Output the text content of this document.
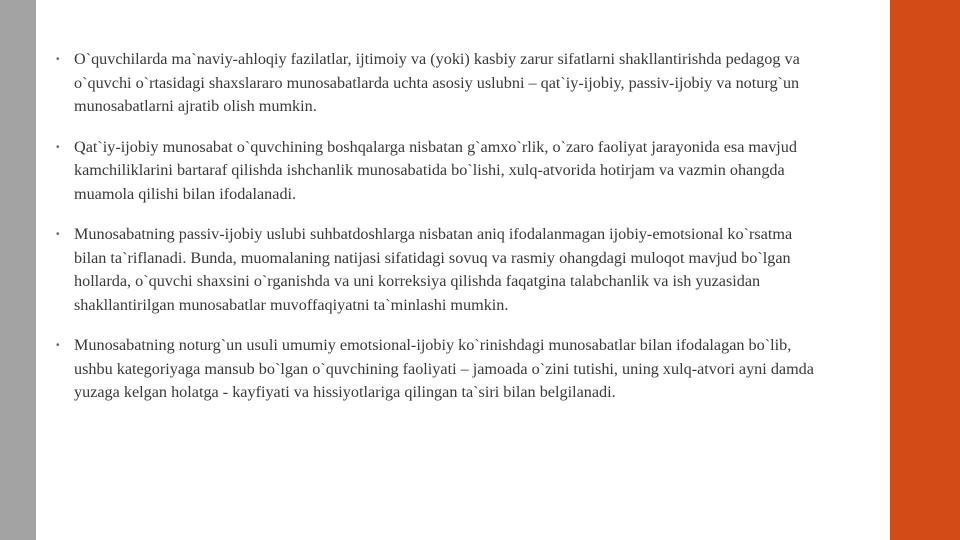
• O`quvchilarda ma`naviy-ahloqiy fazilatlar, ijtimoiy va (yoki) kasbiy zarur sifatlarni shakllantirishda pedagog va o`quvchi o`rtasidagi shaxslararo munosabatlarda uchta asosiy uslubni – qat`iy-ijobiy, passiv-ijobiy va noturg`un munosabatlarni ajratib olish mumkin.
• Qat`iy-ijobiy munosabat o`quvchining boshqalarga nisbatan g`amxo`rlik, o`zaro faoliyat jarayonida esa mavjud kamchiliklarini bartaraf qilishda ishchanlik munosabatida bo`lishi, xulq-atvorida hotirjam va vazmin ohangda muamola qilishi bilan ifodalanadi.
• Munosabatning passiv-ijobiy uslubi suhbatdoshlarga nisbatan aniq ifodalanmagan ijobiy-emotsional ko`rsatma bilan ta`riflanadi. Bunda, muomalaning natijasi sifatidagi sovuq va rasmiy ohangdagi muloqot mavjud bo`lgan hollarda, o`quvchi shaxsini o`rganishda va uni korreksiya qilishda faqatgina talabchanlik va ish yuzasidan shakllantirilgan munosabatlar muvoffaqiyatni ta`minlashi mumkin.
• Munosabatning noturg`un usuli umumiy emotsional-ijobiy ko`rinishdagi munosabatlar bilan ifodalagan bo`lib, ushbu kategoriyaga mansub bo`lgan o`quvchining faoliyati – jamoada o`zini tutishi, uning xulq-atvori ayni damda yuzaga kelgan holatga - kayfiyati va hissiyotlariga qilingan ta`siri bilan belgilanadi.
